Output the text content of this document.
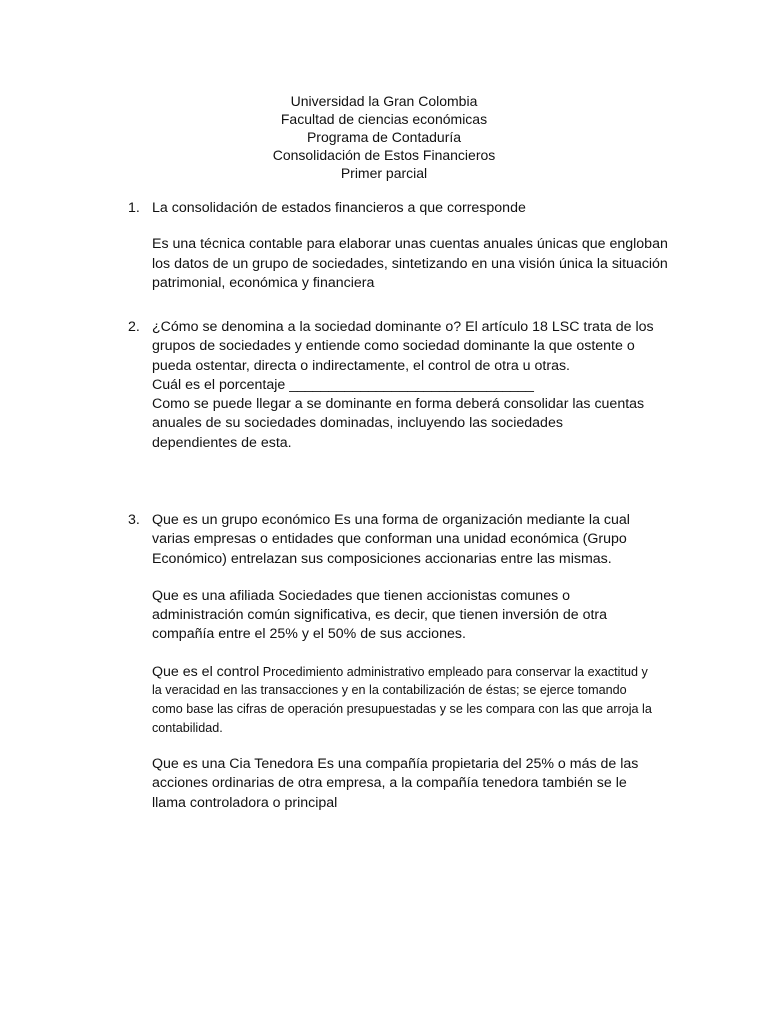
Universidad la Gran Colombia
Facultad de ciencias económicas
Programa de Contaduría
Consolidación de Estos Financieros
Primer parcial
1. La consolidación de estados financieros a que corresponde

Es una técnica contable para elaborar unas cuentas anuales únicas que engloban los datos de un grupo de sociedades, sintetizando en una visión única la situación patrimonial, económica y financiera

2. ¿Cómo se denomina a la sociedad dominante o? El artículo 18 LSC trata de los grupos de sociedades y entiende como sociedad dominante la que ostente o pueda ostentar, directa o indirectamente, el control de otra u otras.

Cuál es el porcentaje _______________________________

Como se puede llegar a se dominante en forma deberá consolidar las cuentas anuales de su sociedades dominadas, incluyendo las sociedades dependientes de esta.

3. Que es un grupo económico Es una forma de organización mediante la cual varias empresas o entidades que conforman una unidad económica (Grupo Económico) entrelazan sus composiciones accionarias entre las mismas.

Que es una afiliada Sociedades que tienen accionistas comunes o administración común significativa, es decir, que tienen inversión de otra compañía entre el 25% y el 50% de sus acciones.

Que es el control Procedimiento administrativo empleado para conservar la exactitud y la veracidad en las transacciones y en la contabilización de éstas; se ejerce tomando como base las cifras de operación presupuestadas y se les compara con las que arroja la contabilidad.

Que es una Cia Tenedora Es una compañía propietaria del 25% o más de las acciones ordinarias de otra empresa, a la compañía tenedora también se le llama controladora o principal
